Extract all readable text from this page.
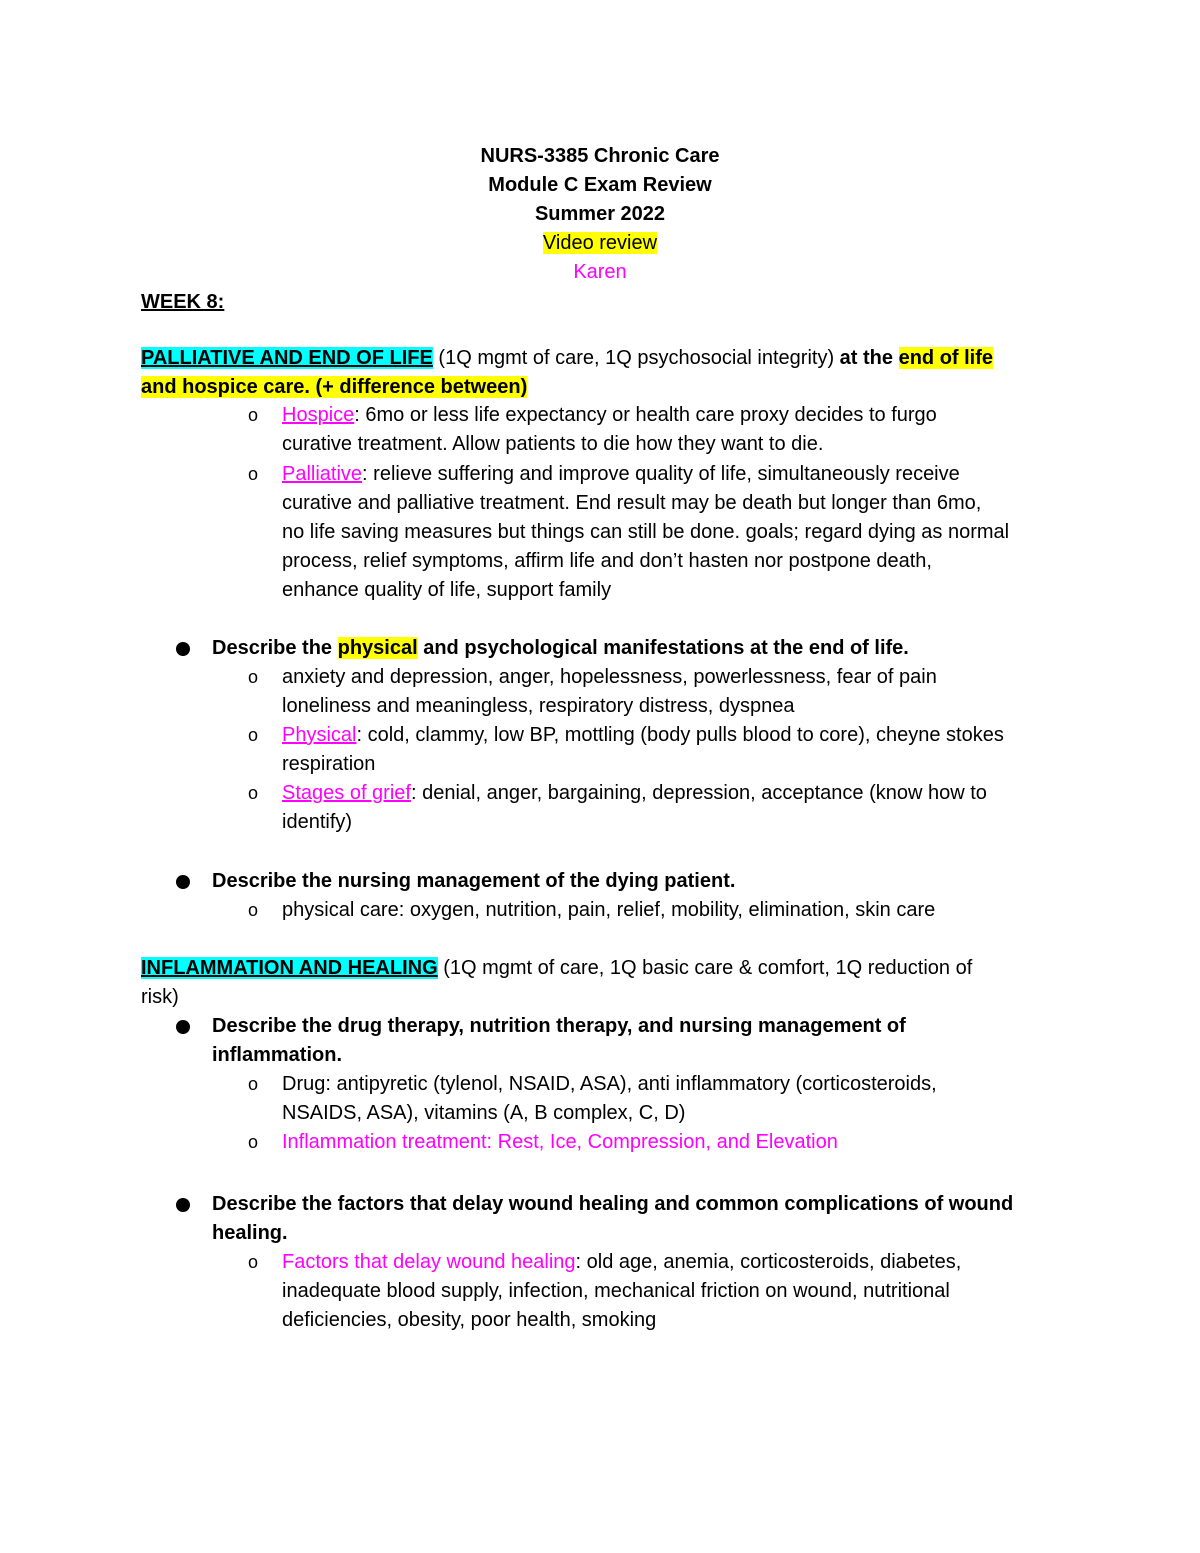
NURS-3385 Chronic Care
Module C Exam Review
Summer 2022
Video review
Karen
WEEK 8:
PALLIATIVE AND END OF LIFE (1Q mgmt of care, 1Q psychosocial integrity) at the end of life
and hospice care. (+ difference between)
o Hospice: 6mo or less life expectancy or health care proxy decides to furgo
curative treatment. Allow patients to die how they want to die.
o Palliative: relieve suffering and improve quality of life, simultaneously receive
curative and palliative treatment. End result may be death but longer than 6mo,
no life saving measures but things can still be done. goals; regard dying as normal
process, relief symptoms, affirm life and don’t hasten nor postpone death,
enhance quality of life, support family
Describe the physical and psychological manifestations at the end of life.
o anxiety and depression, anger, hopelessness, powerlessness, fear of pain
loneliness and meaningless, respiratory distress, dyspnea
o Physical: cold, clammy, low BP, mottling (body pulls blood to core), cheyne stokes
respiration
o Stages of grief: denial, anger, bargaining, depression, acceptance (know how to
identify)
Describe the nursing management of the dying patient.
o physical care: oxygen, nutrition, pain, relief, mobility, elimination, skin care
INFLAMMATION AND HEALING (1Q mgmt of care, 1Q basic care & comfort, 1Q reduction of
risk)
Describe the drug therapy, nutrition therapy, and nursing management of
inflammation.
o Drug: antipyretic (tylenol, NSAID, ASA), anti inflammatory (corticosteroids,
NSAIDS, ASA), vitamins (A, B complex, C, D)
o Inflammation treatment: Rest, Ice, Compression, and Elevation
Describe the factors that delay wound healing and common complications of wound
healing.
o Factors that delay wound healing: old age, anemia, corticosteroids, diabetes,
inadequate blood supply, infection, mechanical friction on wound, nutritional
deficiencies, obesity, poor health, smoking
